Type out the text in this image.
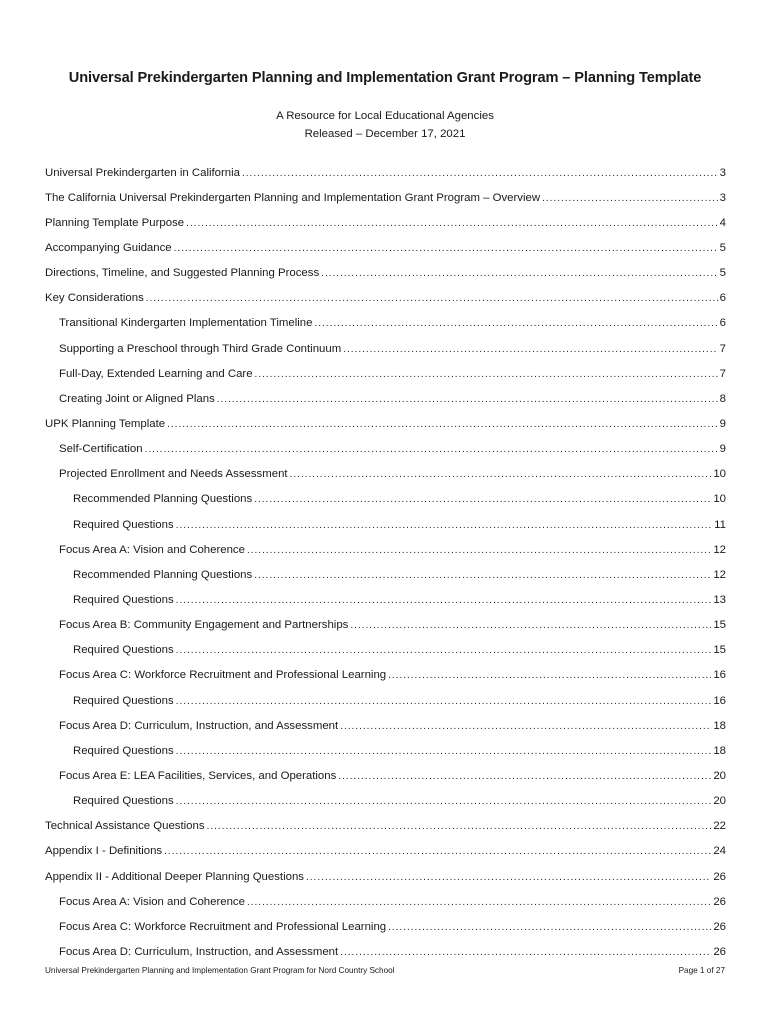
Universal Prekindergarten Planning and Implementation Grant Program – Planning Template
A Resource for Local Educational Agencies
Released – December 17, 2021
Universal Prekindergarten in California .....	3
The California Universal Prekindergarten Planning and Implementation Grant Program – Overview .....	3
Planning Template Purpose .....	4
Accompanying Guidance .....	5
Directions, Timeline, and Suggested Planning Process .....	5
Key Considerations .....	6
Transitional Kindergarten Implementation Timeline .....	6
Supporting a Preschool through Third Grade Continuum .....	7
Full-Day, Extended Learning and Care .....	7
Creating Joint or Aligned Plans .....	8
UPK Planning Template .....	9
Self-Certification .....	9
Projected Enrollment and Needs Assessment .....	10
Recommended Planning Questions .....	10
Required Questions .....	11
Focus Area A: Vision and Coherence .....	12
Recommended Planning Questions .....	12
Required Questions .....	13
Focus Area B: Community Engagement and Partnerships .....	15
Required Questions .....	15
Focus Area C: Workforce Recruitment and Professional Learning .....	16
Required Questions .....	16
Focus Area D: Curriculum, Instruction, and Assessment .....	18
Required Questions .....	18
Focus Area E: LEA Facilities, Services, and Operations .....	20
Required Questions .....	20
Technical Assistance Questions .....	22
Appendix I - Definitions .....	24
Appendix II - Additional Deeper Planning Questions .....	26
Focus Area A: Vision and Coherence .....	26
Focus Area C: Workforce Recruitment and Professional Learning .....	26
Focus Area D: Curriculum, Instruction, and Assessment .....	26
Universal Prekindergarten Planning and Implementation Grant Program for Nord Country School	Page 1 of 27
